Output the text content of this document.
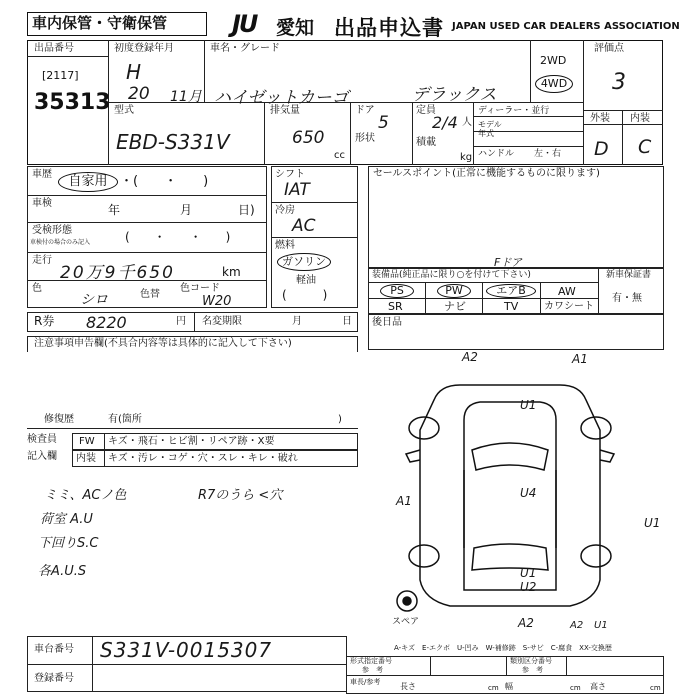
車内保管・守衛保管	JU 愛知 出品申込書 JAPAN USED CAR DEALERS ASSOCIATION
出品番号
[2117]
35313
初度登録年月
H
20 11月
車名・グレード
ハイゼットカーゴ	デラックス
2WD
4WD
評価点
3
外装 内装
D C
型式
EBD-S331V
排気量
650
cc
ドア
5
形状
定員
2/4 人
積載
kg
ディーラー・並行
モデル年式
ハンドル 左・右
車歴	自家用 ・(　　・　　)
車検	年	月	日)
受検形態
車検付の場合のみ記入	(　　・　　・　　)
走行
20万9千650	km
色
シロ	色替
色コード
W20
シフト
IAT
冷房
AC
燃料
ガソリン
軽油
(　　　)
セールスポイント(正常に機能するものに限ります)
装備品(純正品に限り○を付けて下さい)
Fドア
PS	PW	エアB	AW
SR	ナビ	TV	カワシート
新車保証書
有・無
R券 8220	円 名変期限	月	日 後日品
注意事項申告欄(不具合内容等は具体的に記入して下さい)
修復歴	有(箇所	)
検査員
記入欄
FW キズ・飛石・ヒビ割・リペア跡・X要
内装 キズ・汚レ・コゲ・穴・スレ・キレ・破れ
ミミ、ACノ色	R7のうら <穴
荷室 A.U
下回りS.C
各A.U.S
A2	A1
U1
U4
A1
U1
U1
U2
A2	A2 U1
スペア
A-キズ　E-エクボ　U-凹み　W-補修跡　S-サビ　C-腐食　XX-交換歴
車台番号 S331V-0015307
登録番号
形式指定番号
参　考
類別区分番号
参　考
車長/参考 長さ	幅	高さ
cm	cm	cm
